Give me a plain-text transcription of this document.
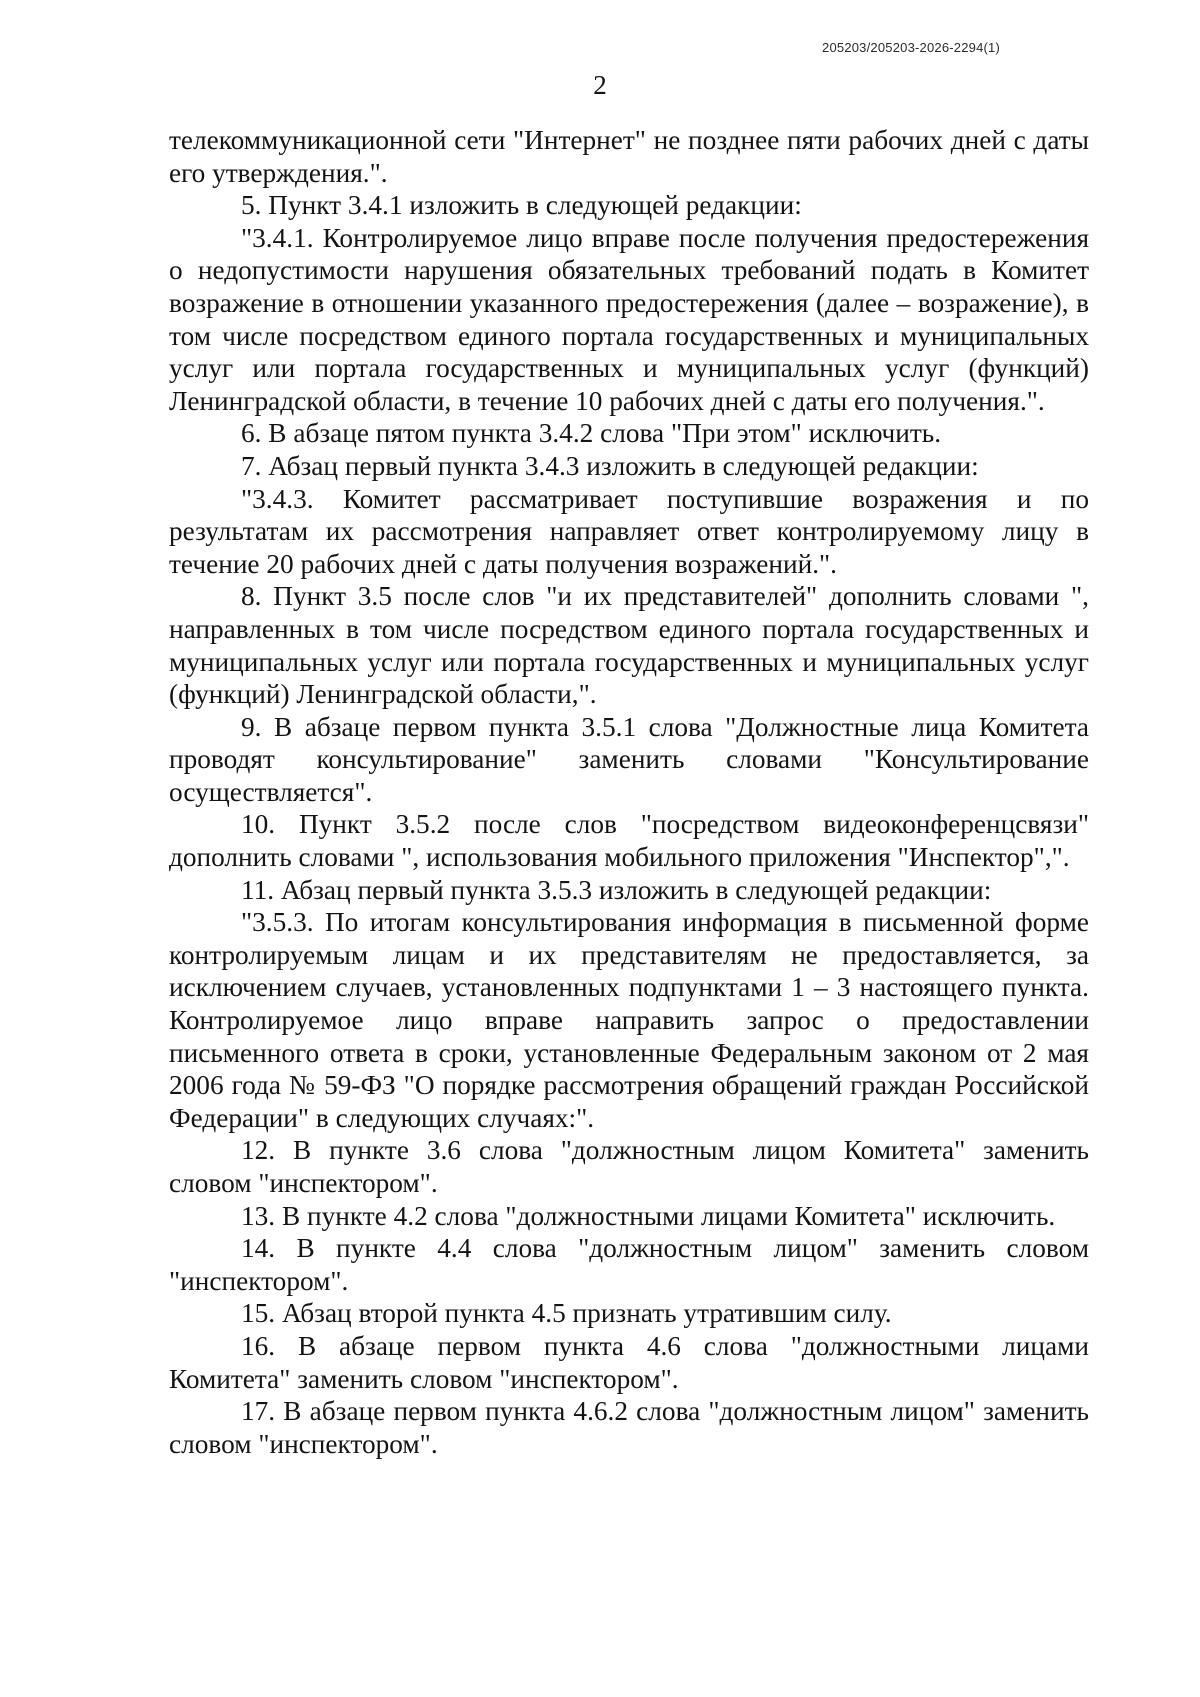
205203/205203-2026-2294(1)
2

телекоммуникационной сети "Интернет" не позднее пяти рабочих дней с даты его утверждения.".

5. Пункт 3.4.1 изложить в следующей редакции:

"3.4.1. Контролируемое лицо вправе после получения предостережения о недопустимости нарушения обязательных требований подать в Комитет возражение в отношении указанного предостережения (далее – возражение), в том числе посредством единого портала государственных и муниципальных услуг или портала государственных и муниципальных услуг (функций) Ленинградской области, в течение 10 рабочих дней с даты его получения.".

6. В абзаце пятом пункта 3.4.2 слова "При этом" исключить.

7. Абзац первый пункта 3.4.3 изложить в следующей редакции:

"3.4.3. Комитет рассматривает поступившие возражения и по результатам их рассмотрения направляет ответ контролируемому лицу в течение 20 рабочих дней с даты получения возражений.".

8. Пункт 3.5 после слов "и их представителей" дополнить словами ", направленных в том числе посредством единого портала государственных и муниципальных услуг или портала государственных и муниципальных услуг (функций) Ленинградской области,".

9. В абзаце первом пункта 3.5.1 слова "Должностные лица Комитета проводят консультирование" заменить словами "Консультирование осуществляется".

10. Пункт 3.5.2 после слов "посредством видеоконференцсвязи" дополнить словами ", использования мобильного приложения "Инспектор",".

11. Абзац первый пункта 3.5.3 изложить в следующей редакции:

"3.5.3. По итогам консультирования информация в письменной форме контролируемым лицам и их представителям не предоставляется, за исключением случаев, установленных подпунктами 1 – 3 настоящего пункта. Контролируемое лицо вправе направить запрос о предоставлении письменного ответа в сроки, установленные Федеральным законом от 2 мая 2006 года № 59-ФЗ "О порядке рассмотрения обращений граждан Российской Федерации" в следующих случаях:".

12. В пункте 3.6 слова "должностным лицом Комитета" заменить словом "инспектором".

13. В пункте 4.2 слова "должностными лицами Комитета" исключить.

14. В пункте 4.4 слова "должностным лицом" заменить словом "инспектором".

15. Абзац второй пункта 4.5 признать утратившим силу.

16. В абзаце первом пункта 4.6 слова "должностными лицами Комитета" заменить словом "инспектором".

17. В абзаце первом пункта 4.6.2 слова "должностным лицом" заменить словом "инспектором".
